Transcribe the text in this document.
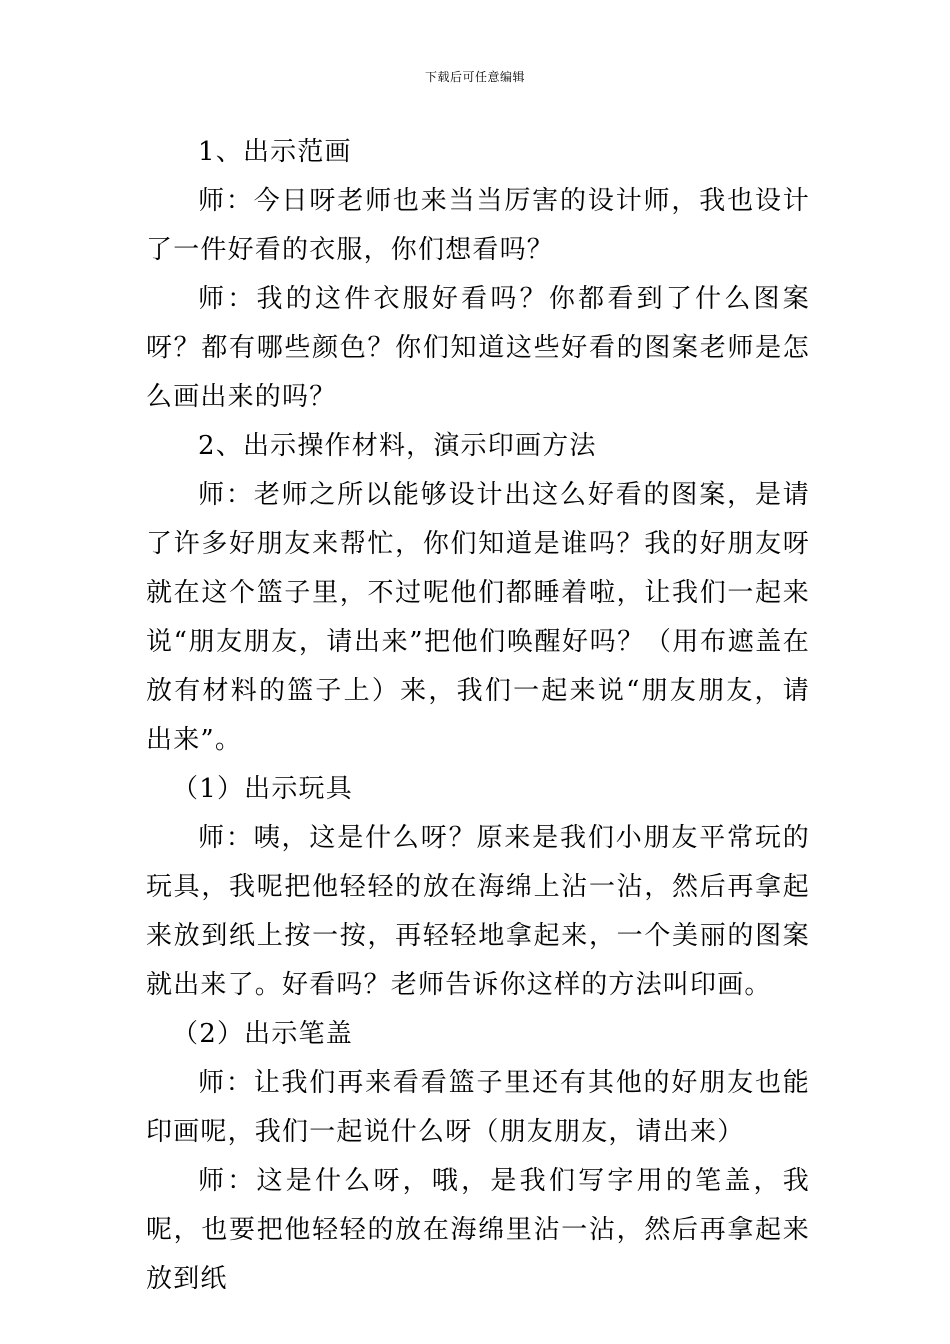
下载后可任意编辑

1、出示范画

师：今日呀老师也来当当厉害的设计师，我也设计了一件好看的衣服，你们想看吗？

师：我的这件衣服好看吗？你都看到了什么图案呀？都有哪些颜色？你们知道这些好看的图案老师是怎么画出来的吗？

2、出示操作材料，演示印画方法

师：老师之所以能够设计出这么好看的图案，是请了许多好朋友来帮忙，你们知道是谁吗？我的好朋友呀就在这个篮子里，不过呢他们都睡着啦，让我们一起来说“朋友朋友，请出来”把他们唤醒好吗？（用布遮盖在放有材料的篮子上）来，我们一起来说“朋友朋友，请出来”。

（1）出示玩具

师：咦，这是什么呀？原来是我们小朋友平常玩的玩具，我呢把他轻轻的放在海绵上沾一沾，然后再拿起来放到纸上按一按，再轻轻地拿起来，一个美丽的图案就出来了。好看吗？老师告诉你这样的方法叫印画。

（2）出示笔盖

师：让我们再来看看篮子里还有其他的好朋友也能印画呢，我们一起说什么呀（朋友朋友，请出来）

师：这是什么呀，哦，是我们写字用的笔盖，我呢，也要把他轻轻的放在海绵里沾一沾，然后再拿起来放到纸
